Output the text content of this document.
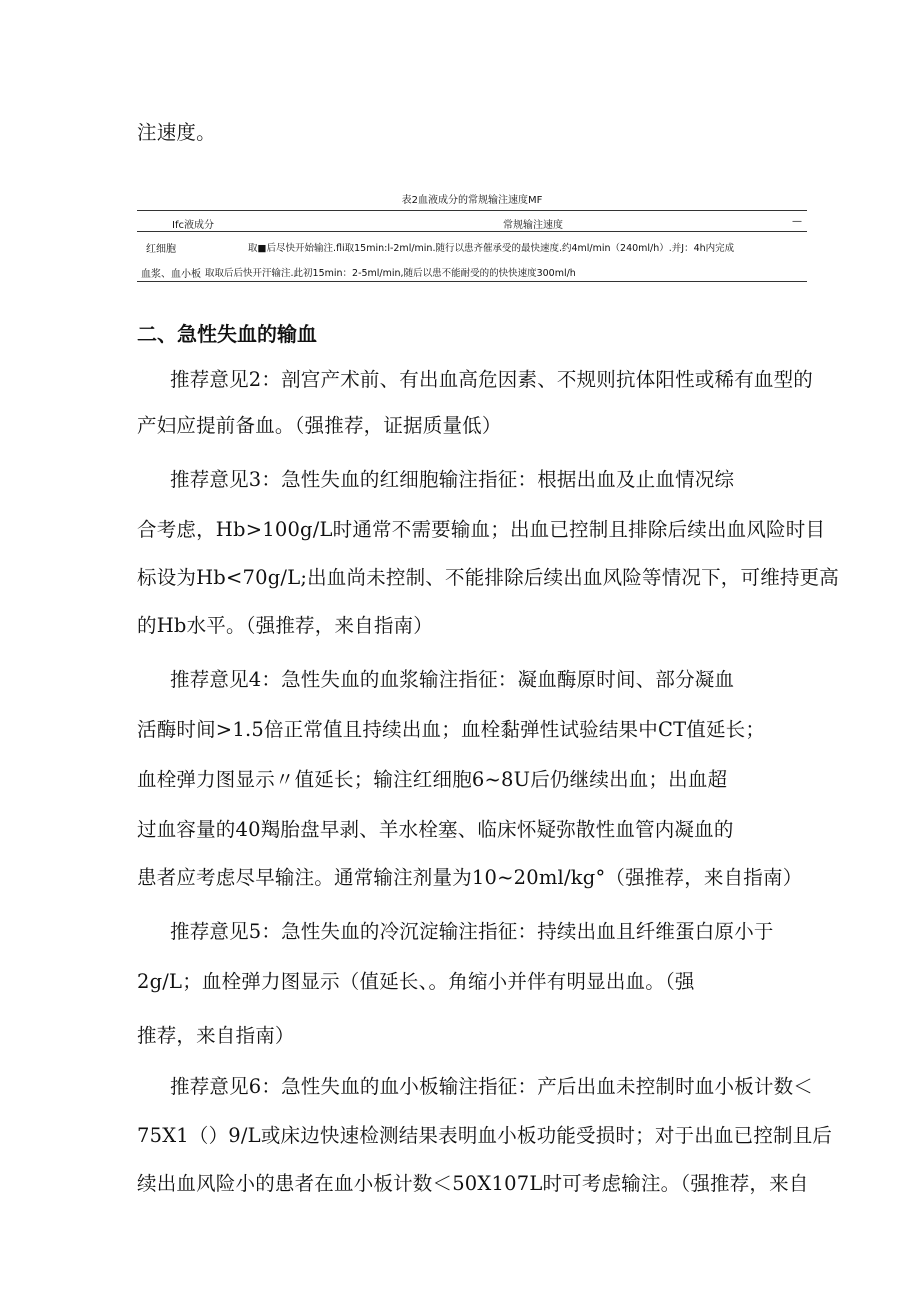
注速度。
表2血液成分的常规输注速度MF
Ifc液成分	常规输注速度	—
红细胞	取■后尽快开始输注.fli取15min:l-2ml/min.随行以患齐催承受的最快速度.约4ml/min（240ml/h）.并J：4h内完成
血浆、血小板 取取后后快开汗输注.此初15min：2-5ml/min,随后以患不能耐受的的快快速度300ml/h
二、急性失血的输血
推荐意见2：剖宫产术前、有出血高危因素、不规则抗体阳性或稀有血型的
产妇应提前备血。（强推荐，证据质量低）
推荐意见3：急性失血的红细胞输注指征：根据出血及止血情况综
合考虑，Hb>100g/L时通常不需要输血；出血已控制且排除后续出血风险时目
标设为Hb<70g/L;出血尚未控制、不能排除后续出血风险等情况下，可维持更高
的Hb水平。（强推荐，来自指南）
推荐意见4：急性失血的血浆输注指征：凝血酶原时间、部分凝血
活酶时间>1.5倍正常值且持续出血；血栓黏弹性试验结果中CT值延长；
血栓弹力图显示〃值延长；输注红细胞6~8U后仍继续出血；出血超
过血容量的40羯胎盘早剥、羊水栓塞、临床怀疑弥散性血管内凝血的
患者应考虑尽早输注。通常输注剂量为10~20ml/kg°（强推荐，来自指南）
推荐意见5：急性失血的冷沉淀输注指征：持续出血且纤维蛋白原小于
2g/L；血栓弹力图显示（值延长、。角缩小并伴有明显出血。（强
推荐，来自指南）
推荐意见6：急性失血的血小板输注指征：产后出血未控制时血小板计数＜
75X1（）9/L或床边快速检测结果表明血小板功能受损时；对于出血已控制且后
续出血风险小的患者在血小板计数＜50X107L时可考虑输注。（强推荐，来自
